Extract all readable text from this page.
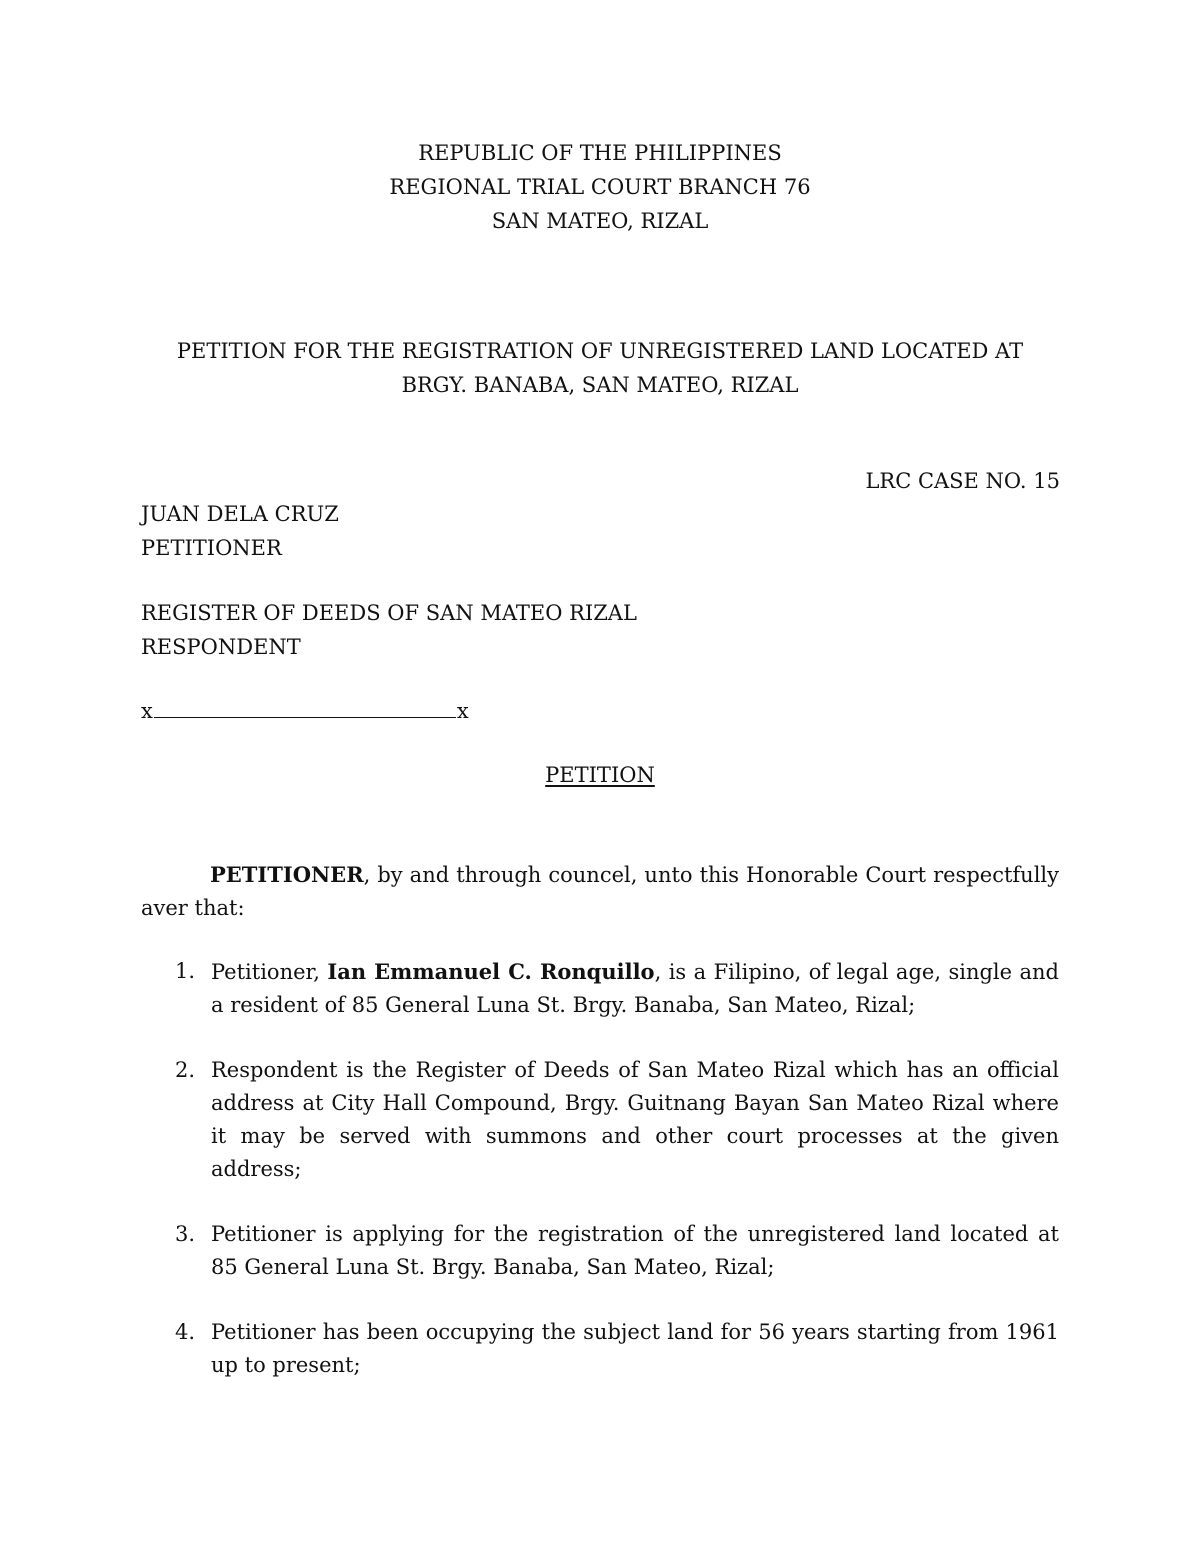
REPUBLIC OF THE PHILIPPINES
REGIONAL TRIAL COURT BRANCH 76
SAN MATEO, RIZAL
PETITION FOR THE REGISTRATION OF UNREGISTERED LAND LOCATED AT
BRGY. BANABA, SAN MATEO, RIZAL
LRC CASE NO. 15
JUAN DELA CRUZ
PETITIONER
REGISTER OF DEEDS OF SAN MATEO RIZAL
RESPONDENT
x	x
PETITION
PETITIONER, by and through councel, unto this Honorable Court respectfully aver that:
1. Petitioner, Ian Emmanuel C. Ronquillo, is a Filipino, of legal age, single and a resident of 85 General Luna St. Brgy. Banaba, San Mateo, Rizal;
2. Respondent is the Register of Deeds of San Mateo Rizal which has an official address at City Hall Compound, Brgy. Guitnang Bayan San Mateo Rizal where it may be served with summons and other court processes at the given address;
3. Petitioner is applying for the registration of the unregistered land located at 85 General Luna St. Brgy. Banaba, San Mateo, Rizal;
4. Petitioner has been occupying the subject land for 56 years starting from 1961 up to present;
